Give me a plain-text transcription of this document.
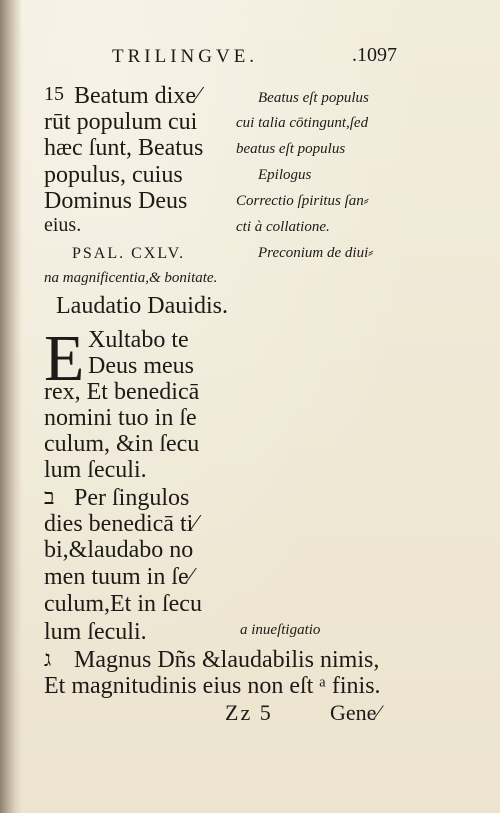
TRILINGVE.	.1097
15 Beatum dixe⁄
rūt populum cui
hæc ſunt, Beatus
populus, cuius
Dominus Deus
eius.
Beatus eſt populus
cui talia cōtingunt,ſed
beatus eſt populus
Epilogus
Correctio ſpiritus ſan⸗
cti à collatione.
PSAL. CXLV.	Preconium de diui⸗
na magnificentia,& bonitate.
Laudatio Dauidis.
E Xultabo te
Deus meus
rex, Et benedicā
nomini tuo in ſe
culum, &in ſecu
lum ſeculi.
ב Per ſingulos
dies benedicā ti⁄
bi,&laudabo no
men tuum in ſe⁄
culum,Et in ſecu
lum ſeculi.	a inueſtigatio
ג Magnus Dñs &laudabilis nimis,
Et magnitudinis eius non eſt ᵃ finis.
Zz 5	Gene⁄
